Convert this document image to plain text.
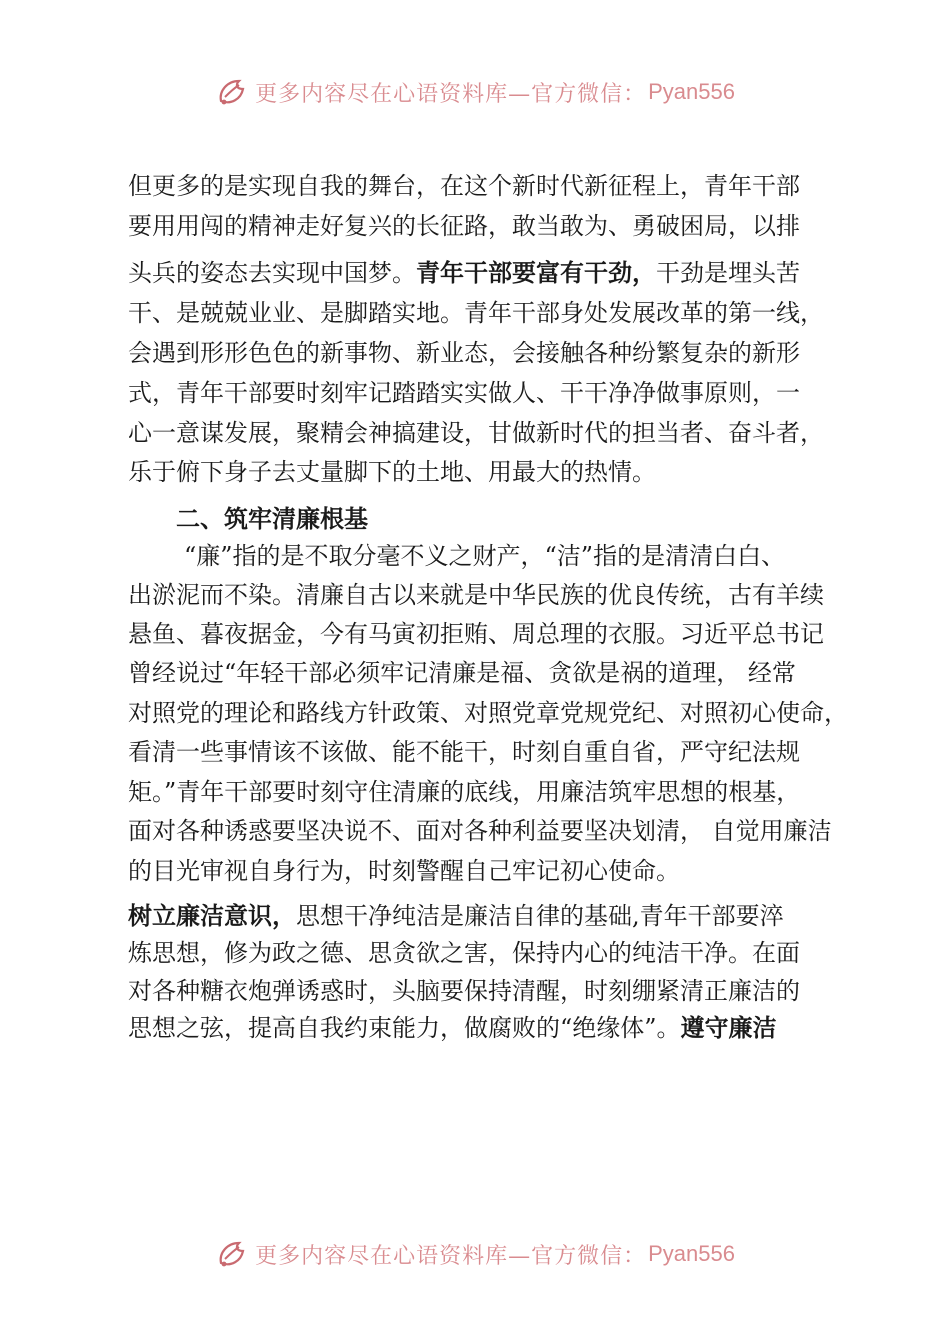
更多内容尽在心语资料库—官方微信： Pyan556
但更多的是实现自我的舞台，在这个新时代新征程上，青年干部
要用用闯的精神走好复兴的长征路，敢当敢为、勇破困局，以排
头兵的姿态去实现中国梦。青年干部要富有干劲，干劲是埋头苦
干、是兢兢业业、是脚踏实地。青年干部身处发展改革的第一线，
会遇到形形色色的新事物、新业态，会接触各种纷繁复杂的新形
式，青年干部要时刻牢记踏踏实实做人、干干净净做事原则，一
心一意谋发展，聚精会神搞建设，甘做新时代的担当者、奋斗者，
乐于俯下身子去丈量脚下的土地、用最大的热情。
二、筑牢清廉根基
“廉”指的是不取分毫不义之财产，“洁”指的是清清白白、
出淤泥而不染。清廉自古以来就是中华民族的优良传统，古有羊续
悬鱼、暮夜据金，今有马寅初拒贿、周总理的衣服。习近平总书记
曾经说过“年轻干部必须牢记清廉是福、贪欲是祸的道理， 经常
对照党的理论和路线方针政策、对照党章党规党纪、对照初心使命，
看清一些事情该不该做、能不能干，时刻自重自省，严守纪法规
矩。”青年干部要时刻守住清廉的底线，用廉洁筑牢思想的根基，
面对各种诱惑要坚决说不、面对各种利益要坚决划清， 自觉用廉洁
的目光审视自身行为，时刻警醒自己牢记初心使命。
树立廉洁意识，思想干净纯洁是廉洁自律的基础,青年干部要淬
炼思想，修为政之德、思贪欲之害，保持内心的纯洁干净。在面
对各种糖衣炮弹诱惑时，头脑要保持清醒，时刻绷紧清正廉洁的
思想之弦，提高自我约束能力，做腐败的“绝缘体”。遵守廉洁
更多内容尽在心语资料库—官方微信： Pyan556
